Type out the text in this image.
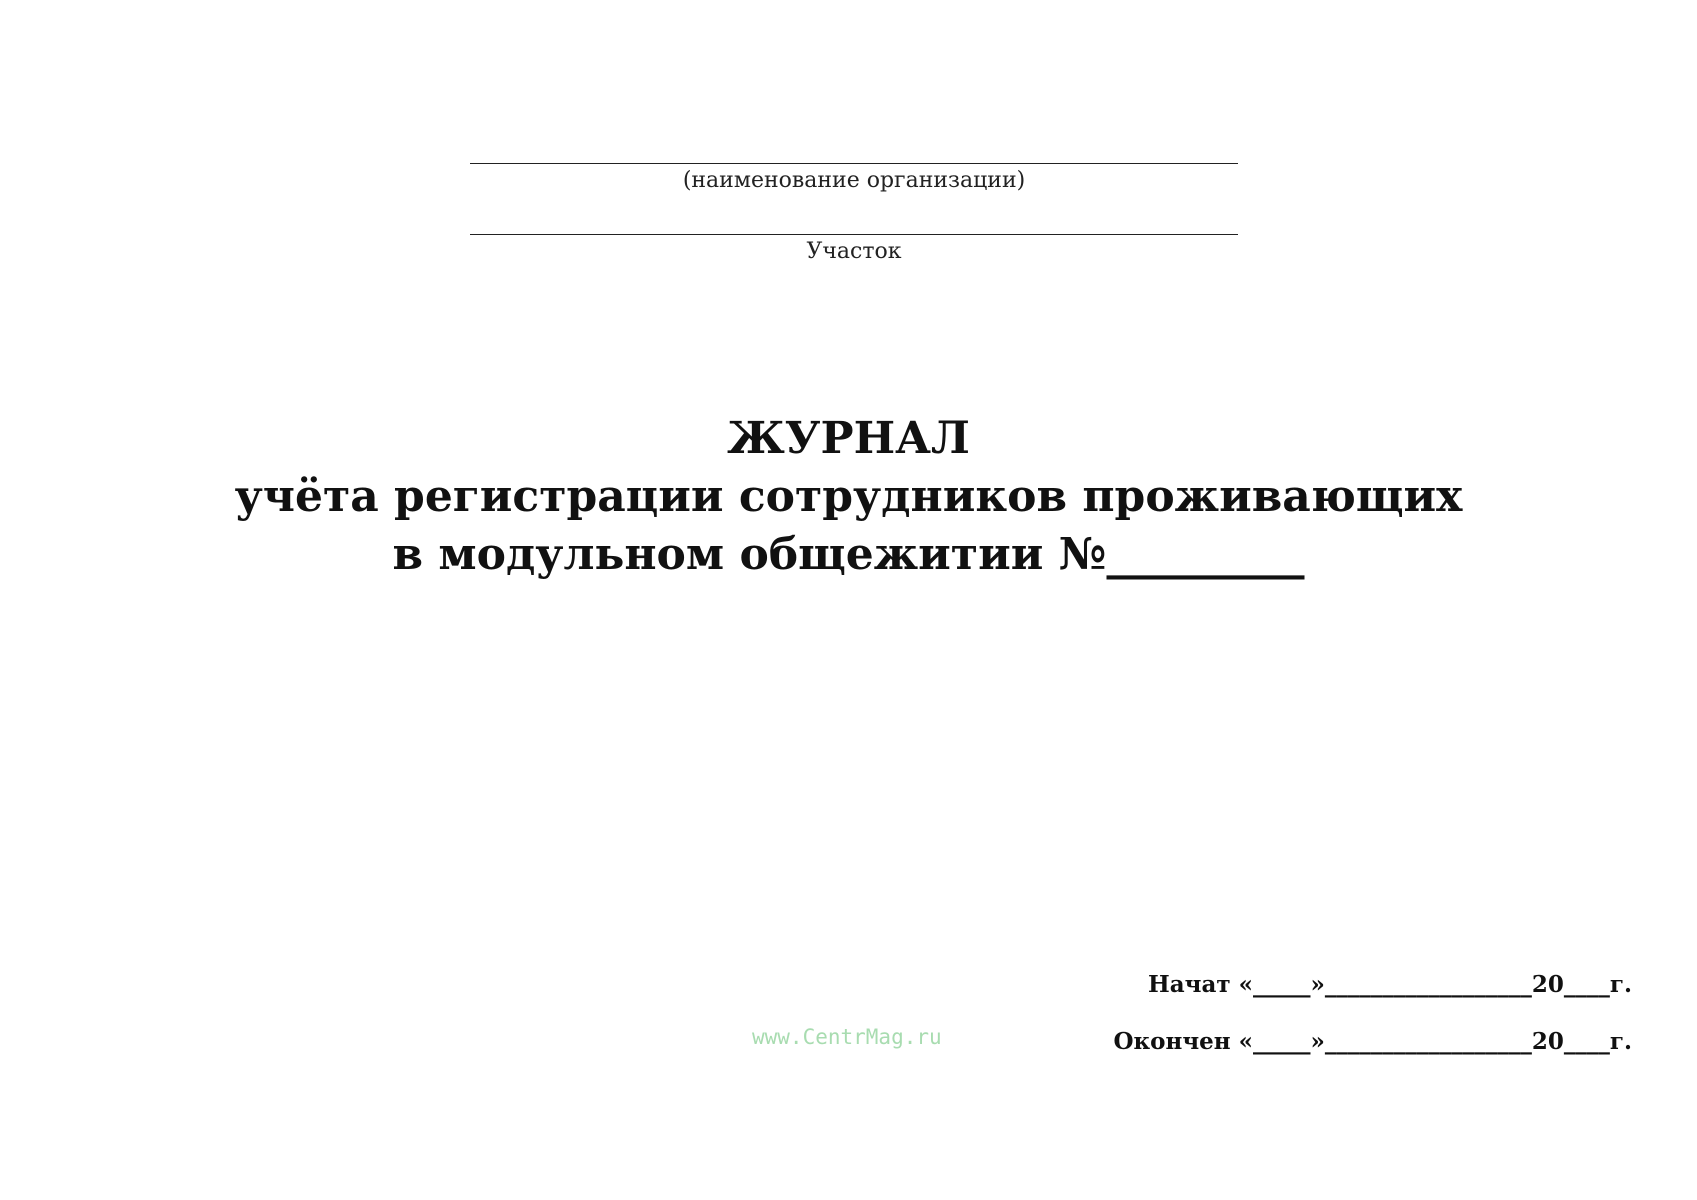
(наименование организации)
Участок
ЖУРНАЛ
учёта регистрации сотрудников проживающих
в модульном общежитии №_________
www.CentrMag.ru
Начат «_____»__________________20____г.
Окончен «_____»__________________20____г.
